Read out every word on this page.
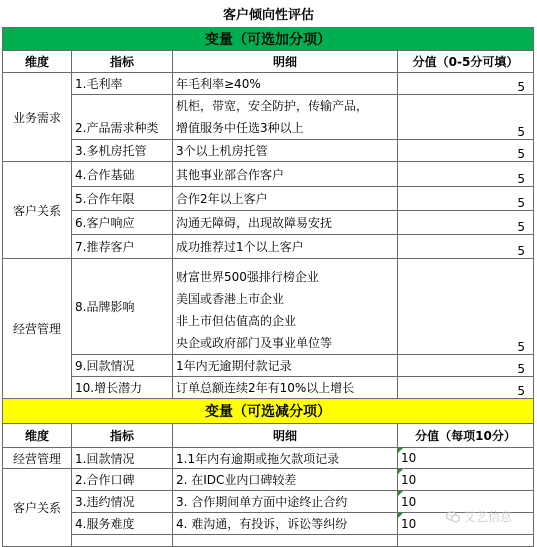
客户倾向性评估
变量（可选加分项）			
维度	指标	明细	分值（0-5分可填）
业务需求	1.毛利率	年毛利率≥40%	5
	2.产品需求种类	机柜，带宽，安全防护，传输产品，
增值服务中任选3种以上	5
	3.多机房托管	3个以上机房托管	5
客户关系	4.合作基础	其他事业部合作客户	5
	5.合作年限	合作2年以上客户	5
	6.客户响应	沟通无障碍，出现故障易安抚	5
	7.推荐客户	成功推荐过1个以上客户	5
经营管理	8.品牌影响	财富世界500强排行榜企业
美国或香港上市企业
非上市但估值高的企业
央企或政府部门及事业单位等	5
	9.回款情况	1年内无逾期付款记录	5
	10.增长潜力	订单总额连续2年有10%以上增长	5
变量（可选减分项）			
维度	指标	明细	分值（每项10分）
经营管理	1.回款情况	1.1年内有逾期或拖欠款项记录	10
客户关系	2.合作口碑	2. 在IDC业内口碑较差	10
	3.违约情况	3. 合作期间单方面中途终止合约	10
	4.服务难度	4. 难沟通，有投诉，诉讼等纠纷	10
			艾艺信息
